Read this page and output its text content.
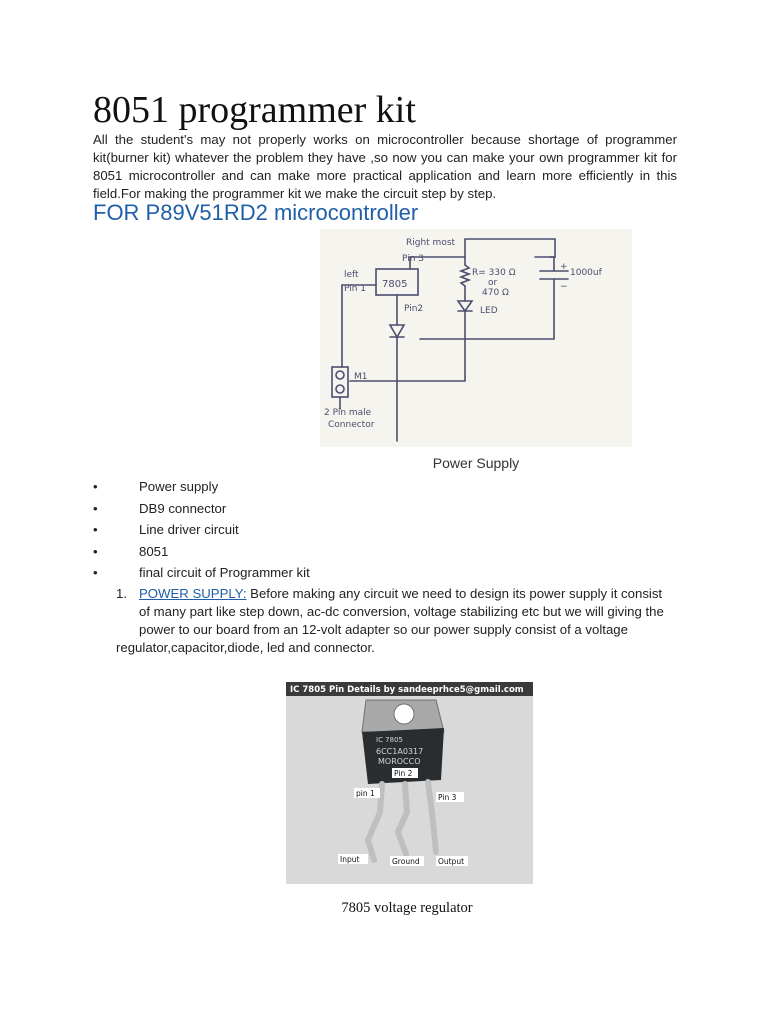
8051 programmer kit

All the student's may not properly works on microcontroller because shortage of programmer kit(burner kit) whatever the problem they have ,so now you can make your own programmer kit for 8051 microcontroller and can make more practical application and learn more efficiently in this field.For making the programmer kit we make the circuit step by step.

FOR P89V51RD2 microcontroller
Right most
Pin 3
left
Pin 1 7805
Pin2
R= 330 Ω
or
470 Ω
LED
1000uf
+
−
M1
2 Pin male
Connector
Power Supply
•	Power supply
•	DB9 connector
•	Line driver circuit
•	8051
•	final circuit of Programmer kit
1. POWER SUPPLY: Before making any circuit we need to design its power supply it consist
of many part like step down, ac-dc conversion, voltage stabilizing etc but we will giving the
power to our board from an 12-volt adapter so our power supply consist of a voltage
regulator,capacitor,diode, led and connector.
IC 7805 Pin Details by sandeeprhce5@gmail.com
IC 7805
6CC1A0317
MOROCCO
Pin 2
pin 1	Pin 3
Input	Ground Output
7805 voltage regulator
